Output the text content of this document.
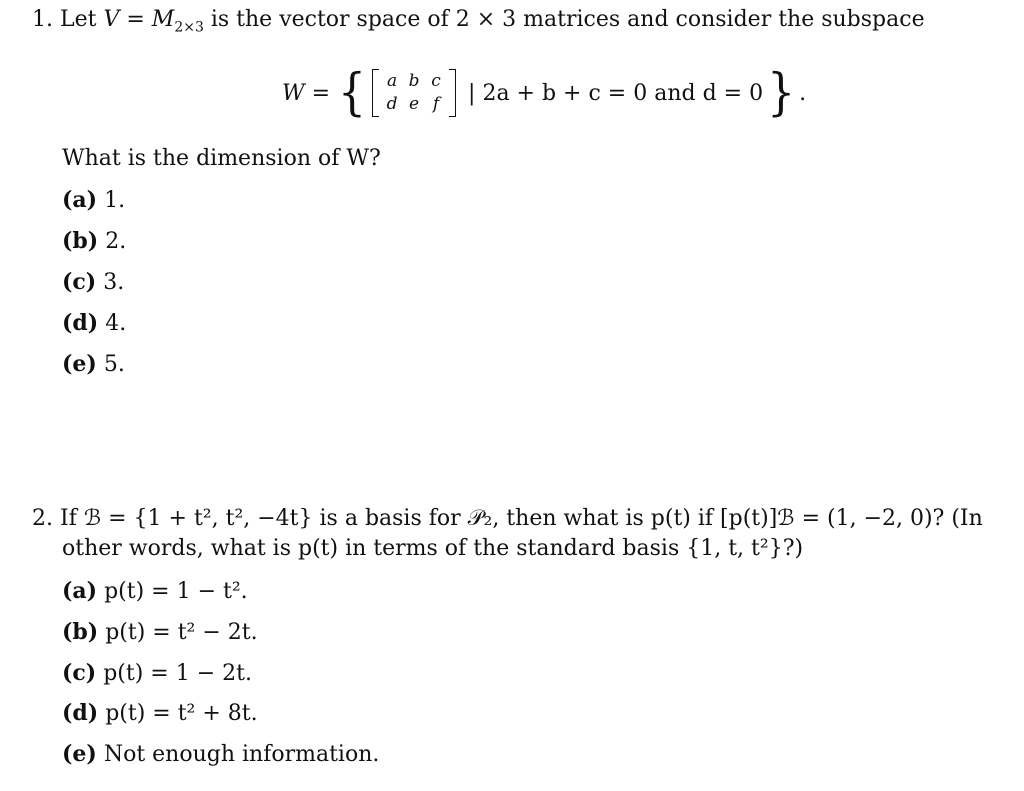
1. Let $V = M_{2\times 3}$ is the vector space of 2 × 3 matrices and consider the subspace
W = { a b c
d e f | 2a + b + c = 0 and d = 0 } .
What is the dimension of W?
(a) 1.
(b) 2.
(c) 3.
(d) 4.
(e) 5.
2. If ℬ = {1 + t², t², −4t} is a basis for 𝒫₂, then what is p(t) if [p(t)]ℬ = (1, −2, 0)? (In
other words, what is p(t) in terms of the standard basis {1, t, t²}?)
(a) p(t) = 1 − t².
(b) p(t) = t² − 2t.
(c) p(t) = 1 − 2t.
(d) p(t) = t² + 8t.
(e) Not enough information.
